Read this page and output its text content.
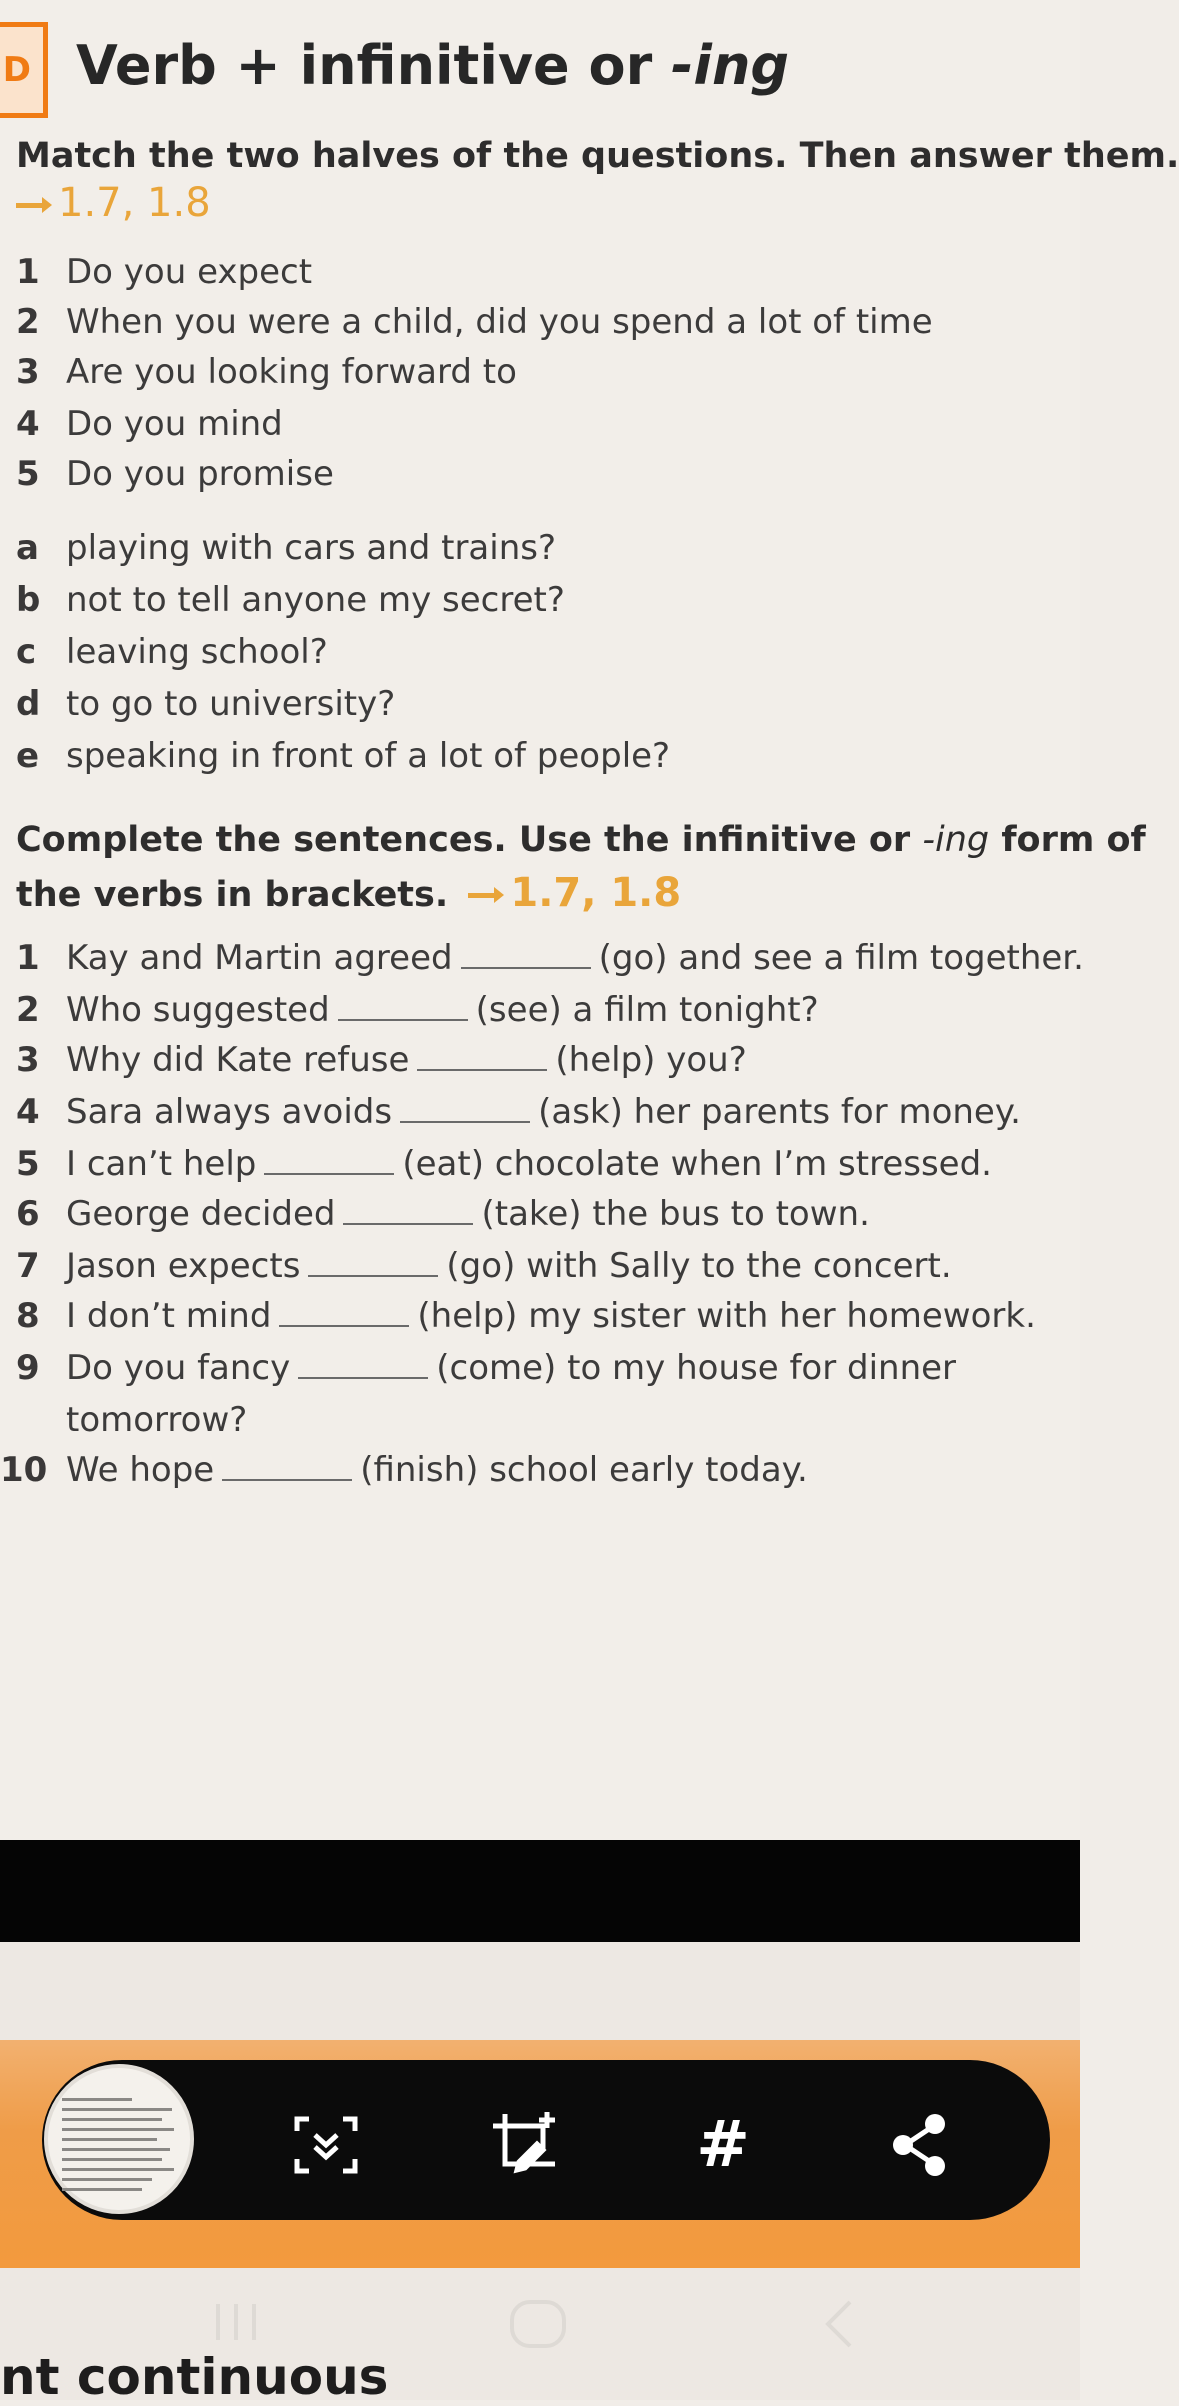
D Verb + infinitive or -ing
Match the two halves of the questions. Then answer them.
1.7, 1.8
1 Do you expect
2 When you were a child, did you spend a lot of time
3 Are you looking forward to
4 Do you mind
5 Do you promise
a playing with cars and trains?
b not to tell anyone my secret?
c leaving school?
d to go to university?
e speaking in front of a lot of people?
Complete the sentences. Use the infinitive or -ing form of
the verbs in brackets. 1.7, 1.8
1 Kay and Martin agreed	(go) and see a film together.
2 Who suggested	(see) a film tonight?
3 Why did Kate refuse	(help) you?
4 Sara always avoids	(ask) her parents for money.
5 I can’t help	(eat) chocolate when I’m stressed.
6 George decided	(take) the bus to town.
7 Jason expects	(go) with Sally to the concert.
8 I don’t mind	(help) my sister with her homework.
9 Do you fancy	(come) to my house for dinner
10 We hope	(finish) school early today.
tomorrow?
#
nt continuous
